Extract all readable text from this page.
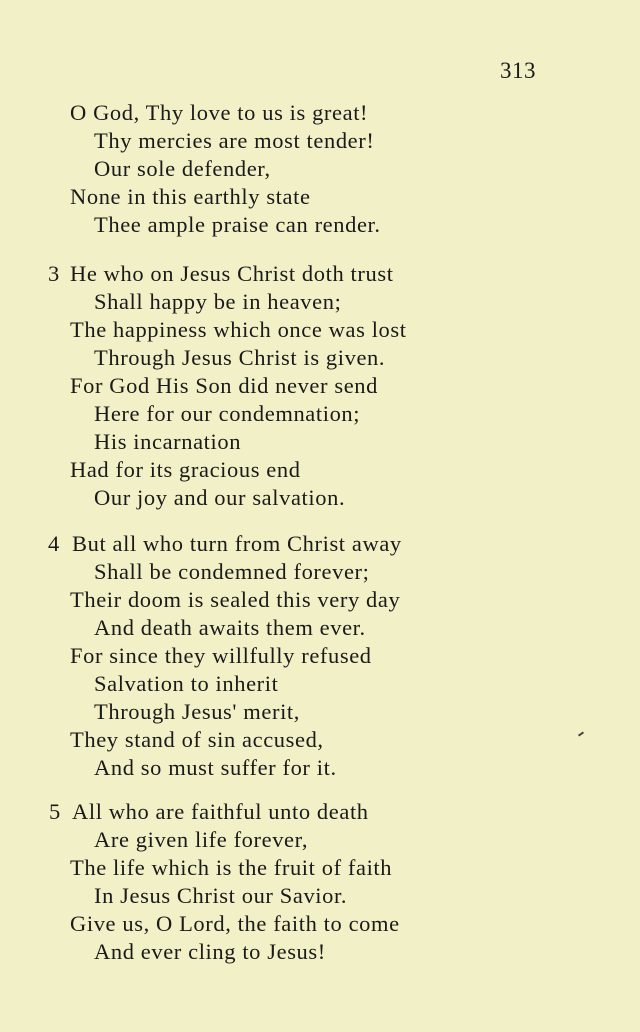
313
O God, Thy love to us is great!
Thy mercies are most tender!
Our sole defender,
None in this earthly state
Thee ample praise can render.
3 He who on Jesus Christ doth trust
Shall happy be in heaven;
The happiness which once was lost
Through Jesus Christ is given.
For God His Son did never send
Here for our condemnation;
His incarnation
Had for its gracious end
Our joy and our salvation.
4 But all who turn from Christ away
Shall be condemned forever;
Their doom is sealed this very day
And death awaits them ever.
For since they willfully refused
Salvation to inherit
Through Jesus' merit,
They stand of sin accused,
And so must suffer for it.
5 All who are faithful unto death
Are given life forever,
The life which is the fruit of faith
In Jesus Christ our Savior.
Give us, O Lord, the faith to come
And ever cling to Jesus!
